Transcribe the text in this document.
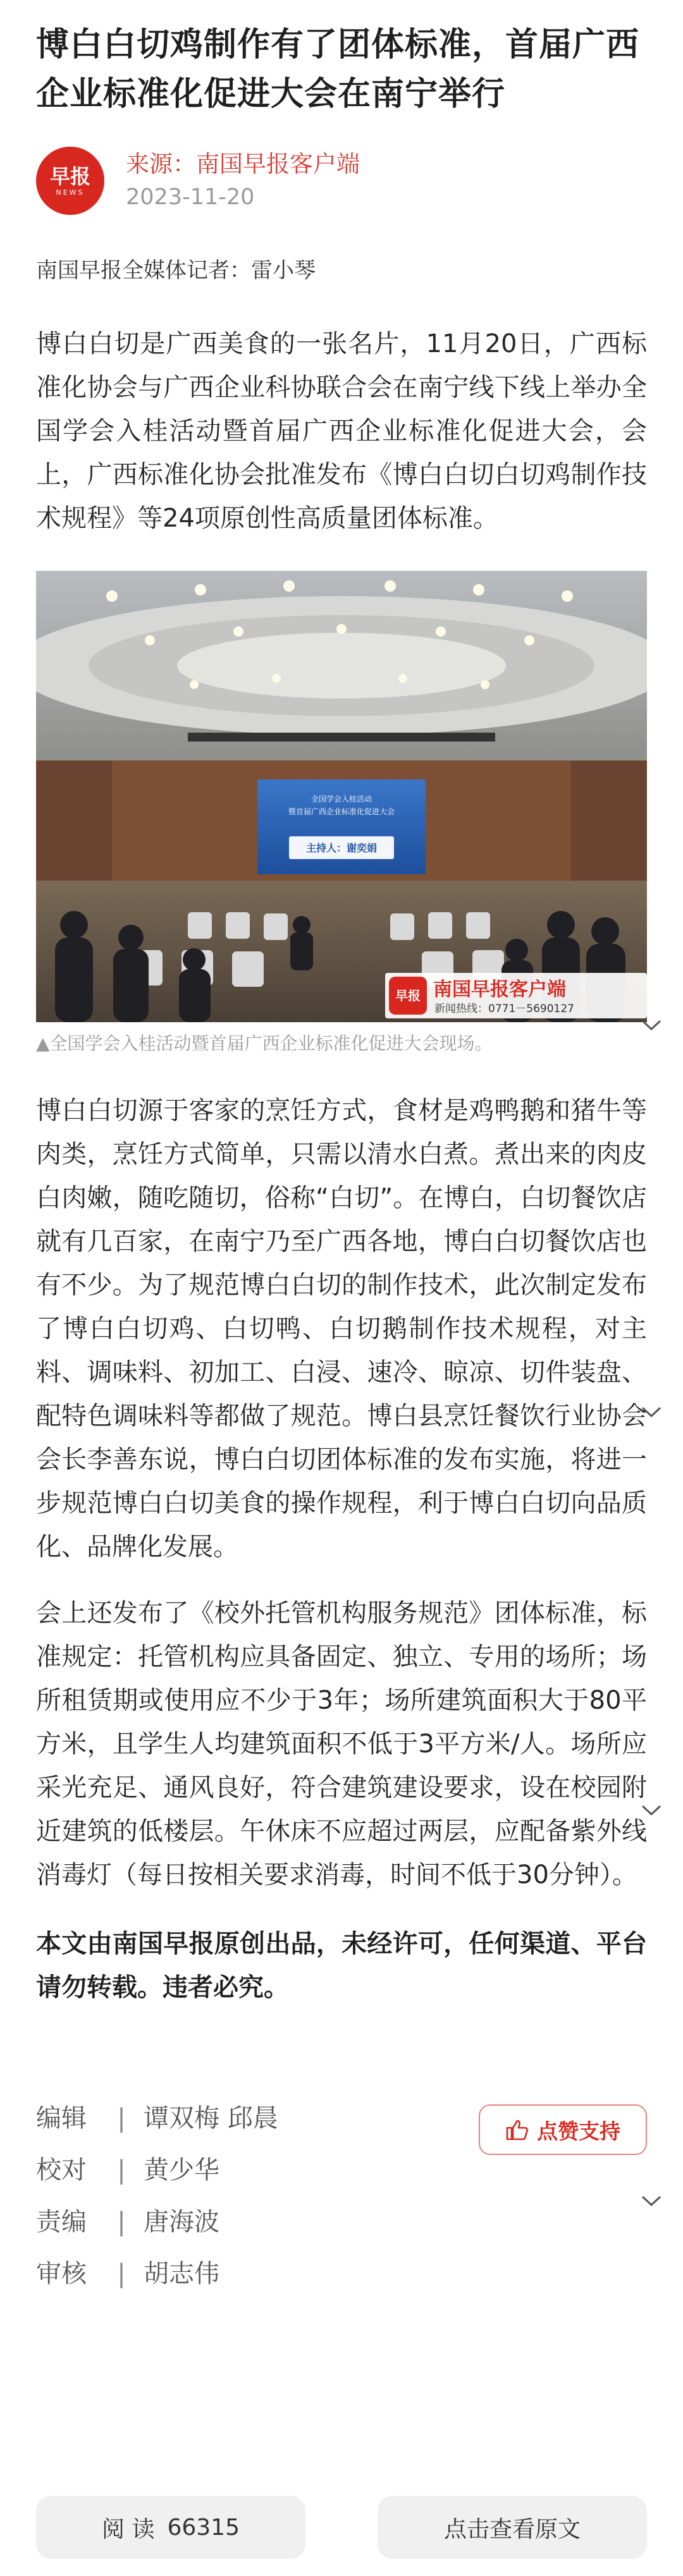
博白白切鸡制作有了团体标准，首届广西企业标准化促进大会在南宁举行
早报
NEWS
来源：南国早报客户端
2023-11-20
南国早报全媒体记者：雷小琴

博白白切是广西美食的一张名片，11月20日，广西标准化协会与广西企业科协联合会在南宁线下线上举办全国学会入桂活动暨首届广西企业标准化促进大会，会上，广西标准化协会批准发布《博白白切白切鸡制作技术规程》等24项原创性高质量团体标准。

全国学会入桂活动
暨首届广西企业标准化促进大会
主持人：谢奕娟
早报 南国早报客户端
新闻热线：0771－5690127
▲全国学会入桂活动暨首届广西企业标准化促进大会现场。

博白白切源于客家的烹饪方式，食材是鸡鸭鹅和猪牛等肉类，烹饪方式简单，只需以清水白煮。煮出来的肉皮白肉嫩，随吃随切，俗称“白切”。在博白，白切餐饮店就有几百家，在南宁乃至广西各地，博白白切餐饮店也有不少。为了规范博白白切的制作技术，此次制定发布了博白白切鸡、白切鸭、白切鹅制作技术规程，对主料、调味料、初加工、白浸、速冷、晾凉、切件装盘、配特色调味料等都做了规范。博白县烹饪餐饮行业协会会长李善东说，博白白切团体标准的发布实施，将进一步规范博白白切美食的操作规程，利于博白白切向品质化、品牌化发展。

会上还发布了《校外托管机构服务规范》团体标准，标准规定：托管机构应具备固定、独立、专用的场所；场所租赁期或使用应不少于3年；场所建筑面积大于80平方米，且学生人均建筑面积不低于3平方米/人。场所应采光充足、通风良好，符合建筑建设要求，设在校园附近建筑的低楼层。午休床不应超过两层，应配备紫外线消毒灯（每日按相关要求消毒，时间不低于30分钟）。

本文由南国早报原创出品，未经许可，任何渠道、平台请勿转载。违者必究。

编辑	| 谭双梅 邱晨
校对	| 黄少华
责编	| 唐海波
审核	| 胡志伟
点赞支持
阅 读 66315	点击查看原文
